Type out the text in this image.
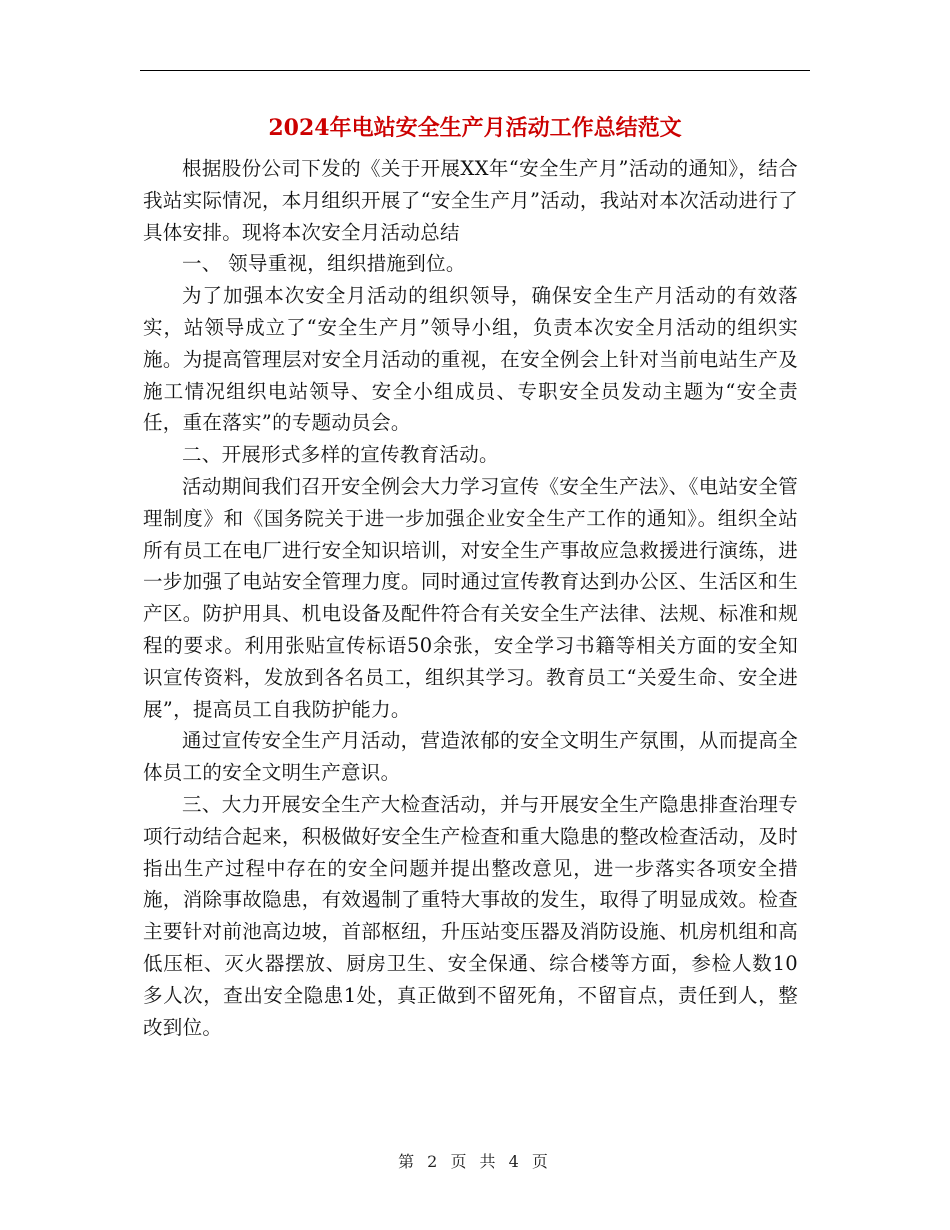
2024年电站安全生产月活动工作总结范文

根据股份公司下发的《关于开展XX年“安全生产月”活动的通知》，结合我站实际情况，本月组织开展了“安全生产月”活动，我站对本次活动进行了具体安排。现将本次安全月活动总结

一、 领导重视，组织措施到位。

为了加强本次安全月活动的组织领导，确保安全生产月活动的有效落实，站领导成立了“安全生产月”领导小组，负责本次安全月活动的组织实施。为提高管理层对安全月活动的重视，在安全例会上针对当前电站生产及施工情况组织电站领导、安全小组成员、专职安全员发动主题为“安全责任，重在落实”的专题动员会。

二、开展形式多样的宣传教育活动。

活动期间我们召开安全例会大力学习宣传《安全生产法》、《电站安全管理制度》和《国务院关于进一步加强企业安全生产工作的通知》。组织全站所有员工在电厂进行安全知识培训，对安全生产事故应急救援进行演练，进一步加强了电站安全管理力度。同时通过宣传教育达到办公区、生活区和生产区。防护用具、机电设备及配件符合有关安全生产法律、法规、标准和规程的要求。利用张贴宣传标语50余张，安全学习书籍等相关方面的安全知识宣传资料，发放到各名员工，组织其学习。教育员工“关爱生命、安全进展”，提高员工自我防护能力。

通过宣传安全生产月活动，营造浓郁的安全文明生产氛围，从而提高全体员工的安全文明生产意识。

三、大力开展安全生产大检查活动，并与开展安全生产隐患排查治理专项行动结合起来，积极做好安全生产检查和重大隐患的整改检查活动，及时指出生产过程中存在的安全问题并提出整改意见，进一步落实各项安全措施，消除事故隐患，有效遏制了重特大事故的发生，取得了明显成效。检查主要针对前池高边坡，首部枢纽，升压站变压器及消防设施、机房机组和高低压柜、灭火器摆放、厨房卫生、安全保通、综合楼等方面，参检人数10多人次，查出安全隐患1处，真正做到不留死角，不留盲点，责任到人，整改到位。

第 2 页 共 4 页
